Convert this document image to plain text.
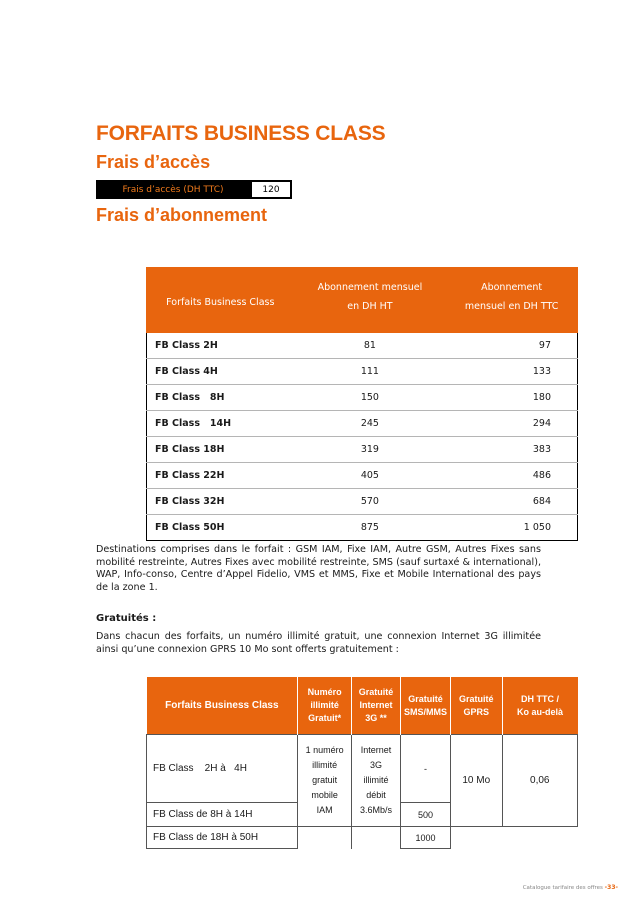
FORFAITS BUSINESS CLASS
Frais d’accès
Frais d’accès (DH TTC)	120
Frais d’abonnement
Forfaits Business Class	Abonnement mensuel en DH HT	Abonnement mensuel en DH TTC
FB Class 2H	81	97
FB Class 4H	111	133
FB Class   8H	150	180
FB Class   14H	245	294
FB Class 18H	319	383
FB Class 22H	405	486
FB Class 32H	570	684
FB Class 50H	875	1 050
Destinations comprises dans le forfait : GSM IAM, Fixe IAM, Autre GSM, Autres Fixes sans mobilité restreinte, Autres Fixes avec mobilité restreinte, SMS (sauf surtaxé & international), WAP, Info-conso, Centre d’Appel Fidelio, VMS et MMS, Fixe et Mobile International des pays de la zone 1.
Gratuités :
Dans chacun des forfaits, un numéro illimité gratuit, une connexion Internet 3G illimitée ainsi qu’une connexion GPRS 10 Mo sont offerts gratuitement :
Forfaits Business Class	Numéro illimité Gratuit*	Gratuité Internet 3G **	Gratuité SMS/MMS	Gratuité GPRS	DH TTC / Ko au-delà
FB Class    2H à   4H	1 numéro illimité gratuit mobile IAM	Internet 3G illimité débit 3.6Mb/s	-	10 Mo	0,06
FB Class de 8H à 14H			500		
FB Class de 18H à 50H			1000		
Catalogue tarifaire des offres -33-
